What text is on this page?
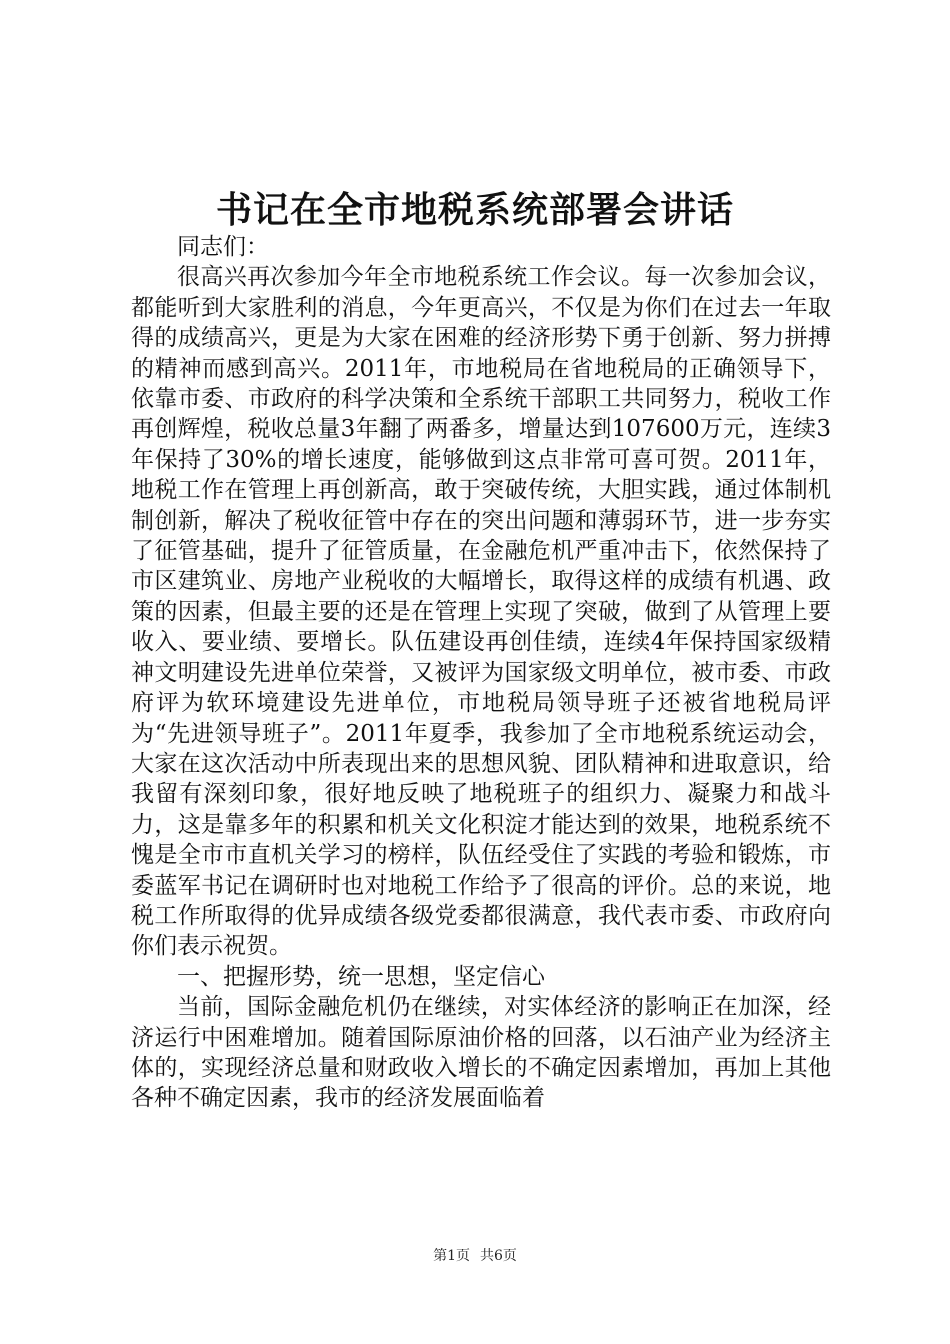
书记在全市地税系统部署会讲话

同志们：

很高兴再次参加今年全市地税系统工作会议。每一次参加会议，都能听到大家胜利的消息，今年更高兴，不仅是为你们在过去一年取得的成绩高兴，更是为大家在困难的经济形势下勇于创新、努力拼搏的精神而感到高兴。2011年，市地税局在省地税局的正确领导下，依靠市委、市政府的科学决策和全系统干部职工共同努力，税收工作再创辉煌，税收总量3年翻了两番多，增量达到107600万元，连续3年保持了30%的增长速度，能够做到这点非常可喜可贺。2011年，地税工作在管理上再创新高，敢于突破传统，大胆实践，通过体制机制创新，解决了税收征管中存在的突出问题和薄弱环节，进一步夯实了征管基础，提升了征管质量，在金融危机严重冲击下，依然保持了市区建筑业、房地产业税收的大幅增长，取得这样的成绩有机遇、政策的因素，但最主要的还是在管理上实现了突破，做到了从管理上要收入、要业绩、要增长。队伍建设再创佳绩，连续4年保持国家级精神文明建设先进单位荣誉，又被评为国家级文明单位，被市委、市政府评为软环境建设先进单位，市地税局领导班子还被省地税局评为“先进领导班子”。2011年夏季，我参加了全市地税系统运动会，大家在这次活动中所表现出来的思想风貌、团队精神和进取意识，给我留有深刻印象，很好地反映了地税班子的组织力、凝聚力和战斗力，这是靠多年的积累和机关文化积淀才能达到的效果，地税系统不愧是全市市直机关学习的榜样，队伍经受住了实践的考验和锻炼，市委蓝军书记在调研时也对地税工作给予了很高的评价。总的来说，地税工作所取得的优异成绩各级党委都很满意，我代表市委、市政府向你们表示祝贺。

一、把握形势，统一思想，坚定信心

当前，国际金融危机仍在继续，对实体经济的影响正在加深，经济运行中困难增加。随着国际原油价格的回落，以石油产业为经济主体的，实现经济总量和财政收入增长的不确定因素增加，再加上其他各种不确定因素，我市的经济发展面临着

第1页 共6页
